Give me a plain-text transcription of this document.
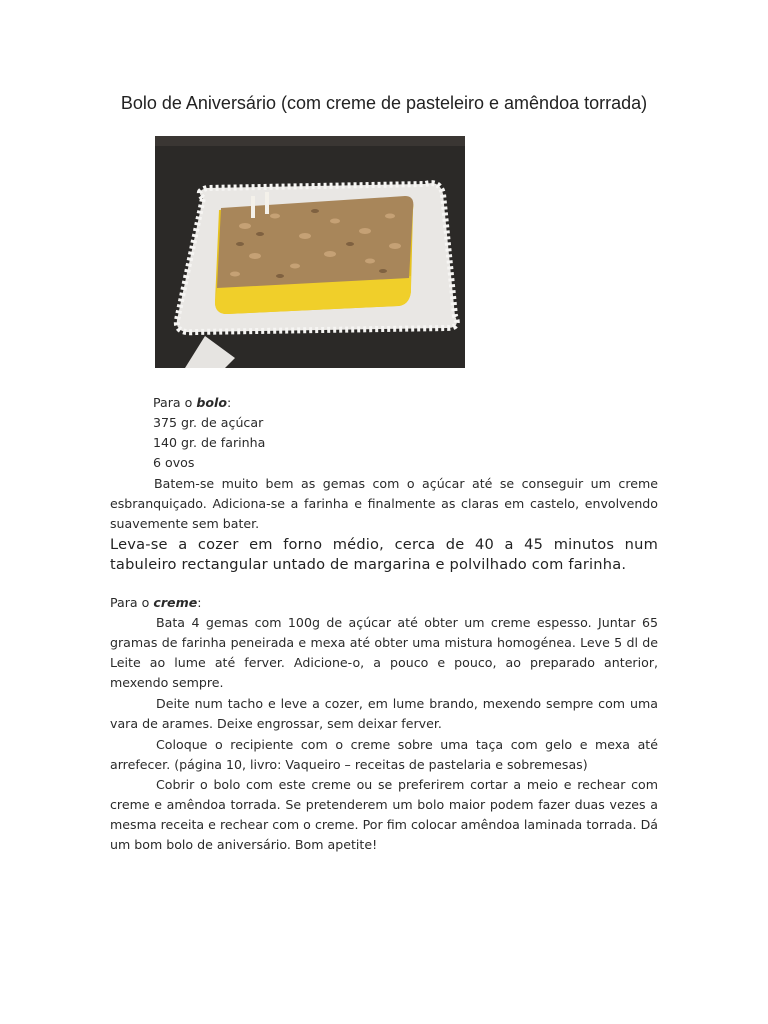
Bolo de Aniversário (com creme de pasteleiro e amêndoa torrada)
Para o bolo:
375 gr. de açúcar
140 gr. de farinha
6 ovos
Batem-se muito bem as gemas com o açúcar até se conseguir um creme esbranquiçado. Adiciona-se a farinha e finalmente as claras em castelo, envolvendo suavemente sem bater.
Leva-se a cozer em forno médio, cerca de 40 a 45 minutos num tabuleiro rectangular untado de margarina e polvilhado com farinha.
Para o creme:
Bata 4 gemas com 100g de açúcar até obter um creme espesso. Juntar 65 gramas de farinha peneirada e mexa até obter uma mistura homogénea. Leve 5 dl de Leite ao lume até ferver. Adicione-o, a pouco e pouco, ao preparado anterior, mexendo sempre.
Deite num tacho e leve a cozer, em lume brando, mexendo sempre com uma vara de arames. Deixe engrossar, sem deixar ferver.
Coloque o recipiente com o creme sobre uma taça com gelo e mexa até arrefecer. (página 10, livro: Vaqueiro – receitas de pastelaria e sobremesas)
Cobrir o bolo com este creme ou se preferirem cortar a meio e rechear com creme e amêndoa torrada. Se pretenderem um bolo maior podem fazer duas vezes a mesma receita e rechear com o creme. Por fim colocar amêndoa laminada torrada. Dá um bom bolo de aniversário. Bom apetite!
